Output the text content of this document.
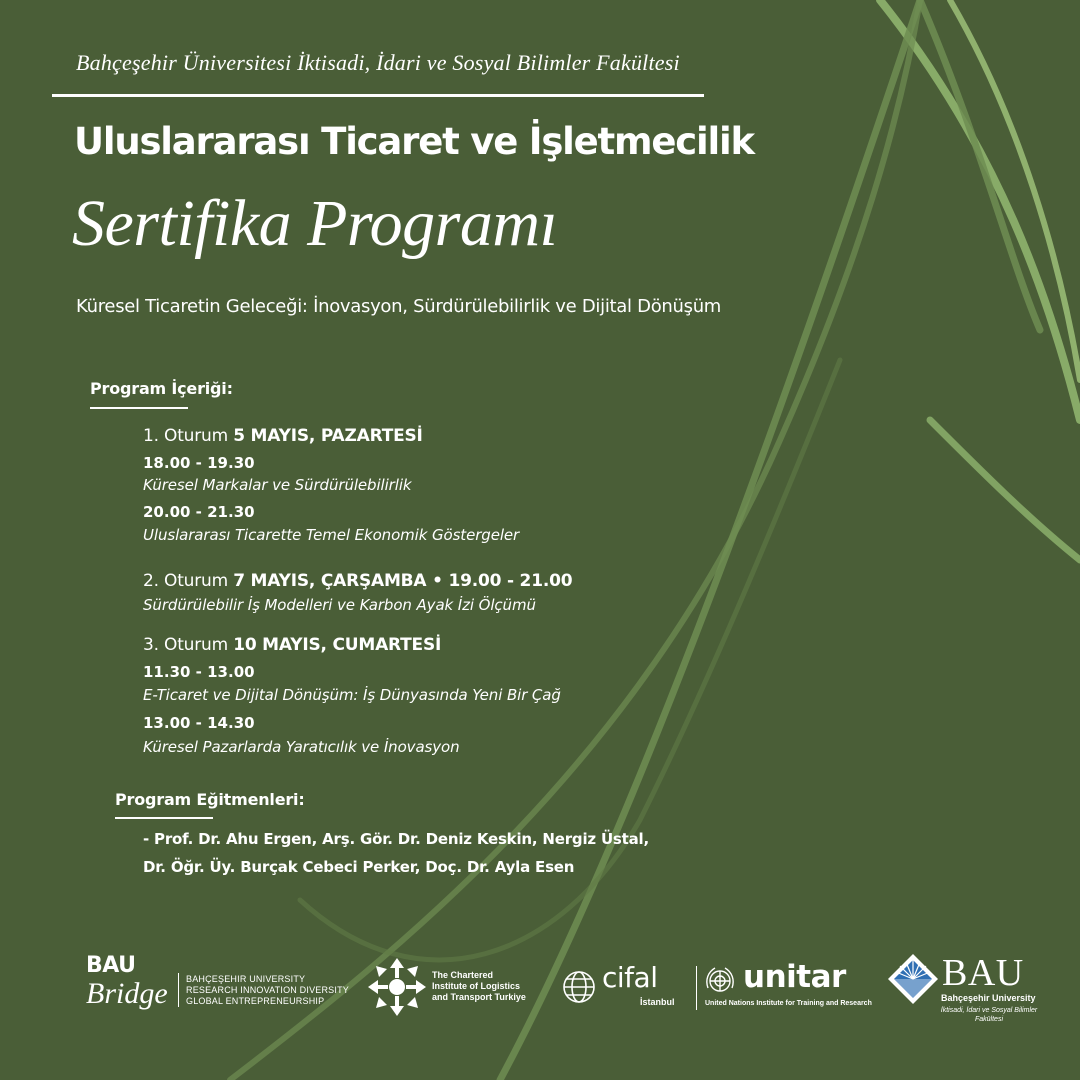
Bahçeşehir Üniversitesi İktisadi, İdari ve Sosyal Bilimler Fakültesi
Uluslararası Ticaret ve İşletmecilik
Sertifika Programı
Küresel Ticaretin Geleceği: İnovasyon, Sürdürülebilirlik ve Dijital Dönüşüm
Program İçeriği:
1. Oturum 5 MAYIS, PAZARTESİ
18.00 - 19.30
Küresel Markalar ve Sürdürülebilirlik
20.00 - 21.30
Uluslararası Ticarette Temel Ekonomik Göstergeler
2. Oturum 7 MAYIS, ÇARŞAMBA • 19.00 - 21.00
Sürdürülebilir İş Modelleri ve Karbon Ayak İzi Ölçümü
3. Oturum 10 MAYIS, CUMARTESİ
11.30 - 13.00
E-Ticaret ve Dijital Dönüşüm: İş Dünyasında Yeni Bir Çağ
13.00 - 14.30
Küresel Pazarlarda Yaratıcılık ve İnovasyon
Program Eğitmenleri:
- Prof. Dr. Ahu Ergen, Arş. Gör. Dr. Deniz Keskin, Nergiz Üstal,
Dr. Öğr. Üy. Burçak Cebeci Perker, Doç. Dr. Ayla Esen
BAU
Bridge BAHÇEŞEHIR UNIVERSITY
RESEARCH INNOVATION DIVERSITY
GLOBAL ENTREPRENEURSHIP
The Chartered
Institute of Logistics
and Transport Turkiye
cifal
İstanbul
unitar
United Nations Institute for Training and Research
BAU
Bahçeşehir University
İktisadi, İdari ve Sosyal Bilimler Fakültesi
